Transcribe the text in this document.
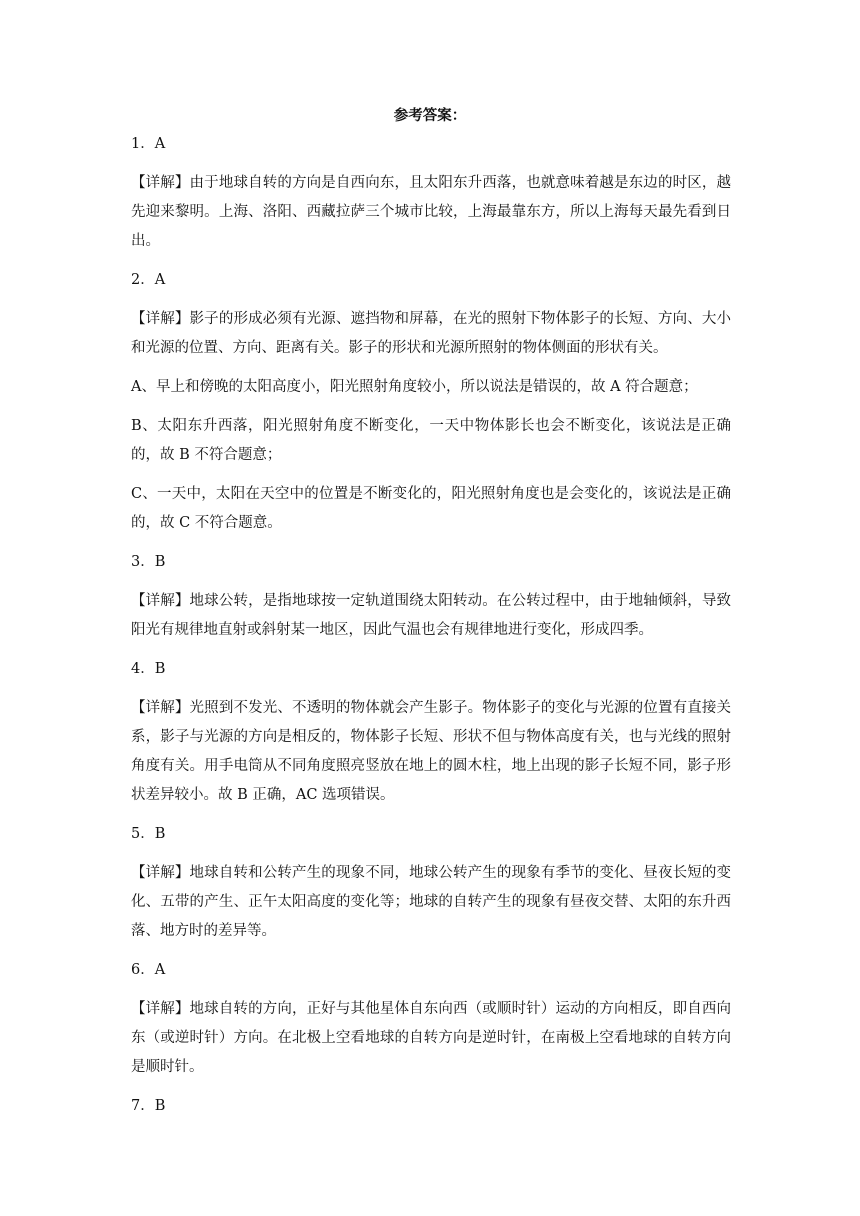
参考答案：
1．A
【详解】由于地球自转的方向是自西向东，且太阳东升西落，也就意味着越是东边的时区，越先迎来黎明。上海、洛阳、西藏拉萨三个城市比较，上海最靠东方，所以上海每天最先看到日出。
2．A
【详解】影子的形成必须有光源、遮挡物和屏幕，在光的照射下物体影子的长短、方向、大小和光源的位置、方向、距离有关。影子的形状和光源所照射的物体侧面的形状有关。
A、早上和傍晚的太阳高度小，阳光照射角度较小，所以说法是错误的，故 A 符合题意；
B、太阳东升西落，阳光照射角度不断变化，一天中物体影长也会不断变化，该说法是正确的，故 B 不符合题意；
C、一天中，太阳在天空中的位置是不断变化的，阳光照射角度也是会变化的，该说法是正确的，故 C 不符合题意。
3．B
【详解】地球公转，是指地球按一定轨道围绕太阳转动。在公转过程中，由于地轴倾斜，导致阳光有规律地直射或斜射某一地区，因此气温也会有规律地进行变化，形成四季。
4．B
【详解】光照到不发光、不透明的物体就会产生影子。物体影子的变化与光源的位置有直接关系，影子与光源的方向是相反的，物体影子长短、形状不但与物体高度有关，也与光线的照射角度有关。用手电筒从不同角度照亮竖放在地上的圆木柱，地上出现的影子长短不同，影子形状差异较小。故 B 正确，AC 选项错误。
5．B
【详解】地球自转和公转产生的现象不同，地球公转产生的现象有季节的变化、昼夜长短的变化、五带的产生、正午太阳高度的变化等；地球的自转产生的现象有昼夜交替、太阳的东升西落、地方时的差异等。
6．A
【详解】地球自转的方向，正好与其他星体自东向西（或顺时针）运动的方向相反，即自西向东（或逆时针）方向。在北极上空看地球的自转方向是逆时针，在南极上空看地球的自转方向是顺时针。
7．B
